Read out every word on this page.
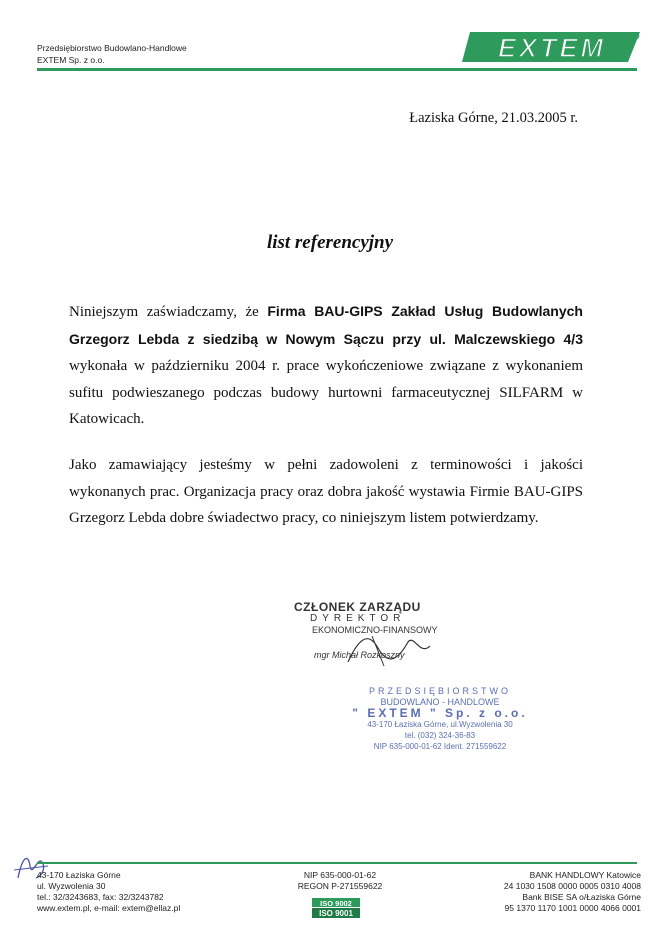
Przedsiębiorstwo Budowlano-Handlowe
EXTEM Sp. z o.o.	EXTEM
Łaziska Górne, 21.03.2005 r.
list referencyjny
Niniejszym zaświadczamy, że Firma BAU-GIPS Zakład Usług Budowlanych Grzegorz Lebda z siedzibą w Nowym Sączu przy ul. Malczewskiego 4/3 wykonała w październiku 2004 r. prace wykończeniowe związane z wykonaniem sufitu podwieszanego podczas budowy hurtowni farmaceutycznej SILFARM w Katowicach.
Jako zamawiający jesteśmy w pełni zadowoleni z terminowości i jakości wykonanych prac. Organizacja pracy oraz dobra jakość wystawia Firmie BAU-GIPS Grzegorz Lebda dobre świadectwo pracy, co niniejszym listem potwierdzamy.
CZŁONEK ZARZĄDU
DYREKTOR
EKONOMICZNO-FINANSOWY
mgr Michał Rozkoszny
PRZEDSIĘBIORSTWO
BUDOWLANO - HANDLOWE
" EXTEM " Sp. z o.o.
43-170 Łaziska Górne, ul.Wyzwolenia 30
tel. (032) 324-36-83
NIP 635-000-01-62 Ident. 271559622
43-170 Łaziska Górne
ul. Wyzwolenia 30
tel.: 32/3243683, fax: 32/3243782
www.extem.pl, e-mail: extem@ellaz.pl
NIP 635-000-01-62
REGON P-271559622
ISO 9002
ISO 9001
BANK HANDLOWY Katowice
24 1030 1508 0000 0005 0310 4008
Bank BISE SA o/Łaziska Górne
95 1370 1170 1001 0000 4066 0001
